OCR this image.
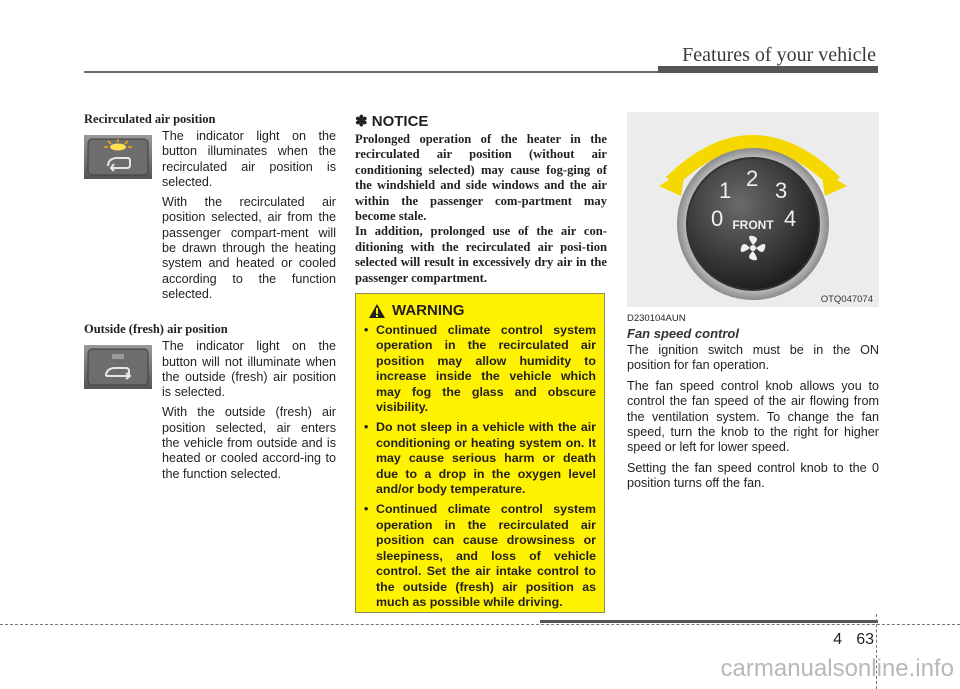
Features of your vehicle

Recirculated air position

The indicator light on the button illuminates when the recirculated air position is selected.

With the recirculated air position selected, air from the passenger compart-ment will be drawn through the heating system and heated or cooled according to the function selected.

Outside (fresh) air position

The indicator light on the button will not illuminate when the outside (fresh) air position is selected.

With the outside (fresh) air position selected, air enters the vehicle from outside and is heated or cooled accord-ing to the function selected.

✽ NOTICE

Prolonged operation of the heater in the recirculated air position (without air conditioning selected) may cause fog-ging of the windshield and side windows and the air within the passenger com-partment may become stale.

In addition, prolonged use of the air con-ditioning with the recirculated air posi-tion selected will result in excessively dry air in the passenger compartment.

WARNING
• Continued climate control system operation in the recirculated air position may allow humidity to increase inside the vehicle which may fog the glass and obscure visibility.
• Do not sleep in a vehicle with the air conditioning or heating system on. It may cause serious harm or death due to a drop in the oxygen level and/or body temperature.
• Continued climate control system operation in the recirculated air position can cause drowsiness or sleepiness, and loss of vehicle control. Set the air intake control to the outside (fresh) air position as much as possible while driving.
0
1 2 3
4
FRONT
OTQ047074

D230104AUN

Fan speed control

The ignition switch must be in the ON position for fan operation.

The fan speed control knob allows you to control the fan speed of the air flowing from the ventilation system. To change the fan speed, turn the knob to the right for higher speed or left for lower speed.

Setting the fan speed control knob to the 0 position turns off the fan.

4 63
carmanualsonline.info
